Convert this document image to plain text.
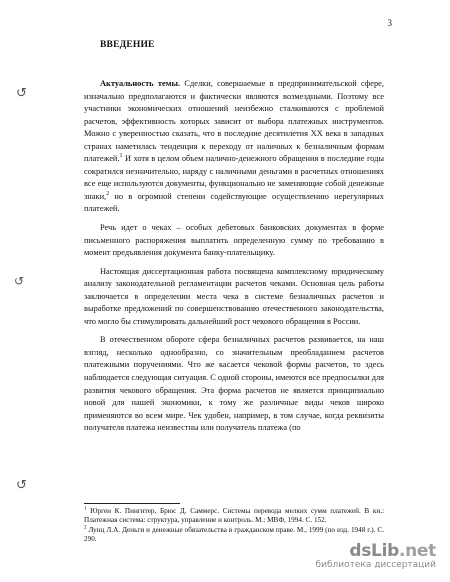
3
ВВЕДЕНИЕ
↺
↺
↺

Актуальность темы. Сделки, совершаемые в предпринимательской сфере, изначально предполагаются и фактически являются возмездными. Поэтому все участники экономических отношений неизбежно сталкиваются с проблемой расчетов, эффективность которых зависит от выбора платежных инструментов. Можно с уверенностью сказать, что в последние десятилетия XX века в западных странах наметилась тенденция к переходу от наличных к безналичным формам платежей.$^1$ И хотя в целом объем налично-денежного обращения в последние годы сократился незначительно, наряду с наличными деньгами в расчетных отношениях все еще используются документы, функционально не заменяющие собой денежные знаки,$^2$ но в огромной степени содействующие осуществлению нерегулярных платежей.

Речь идет о чеках – особых дебетовых банковских документах в форме письменного распоряжения выплатить определенную сумму по требованию в момент предъявления документа банку-плательщику.

Настоящая диссертационная работа посвящена комплексному юридическому анализу законодательной регламентации расчетов чеками. Основная цель работы заключается в определении места чека в системе безналичных расчетов и выработке предложений по совершенствованию отечественного законодательства, что могло бы стимулировать дальнейший рост чекового обращения в России.

В отечественном обороте сфера безналичных расчетов развивается, на наш взгляд, несколько однообразно, со значительным преобладанием расчетов платежными поручениями. Что же касается чековой формы расчетов, то здесь наблюдается следующая ситуация. С одной стороны, имеются все предпосылки для развития чекового обращения. Эта форма расчетов не является принципиально новой для нашей экономики, к тому же различные виды чеков широко применяются во всем мире. Чек удобен, например, в том случае, когда реквизиты получателя платежа неизвестны или получатель платежа (по

$^1$ Юрген К. Пингитер, Брюс Д. Саммерс. Системы перевода мелких сумм платежей. В кн.: Платежная система: структура, управление и контроль. М.: МВФ, 1994. С. 152.

$^2$ Лунц Л.А. Деньги и денежные обязательства в гражданском праве. М., 1999 (по изд. 1948 г.). С. 290.

dsLib.net
библиотека диссертаций
